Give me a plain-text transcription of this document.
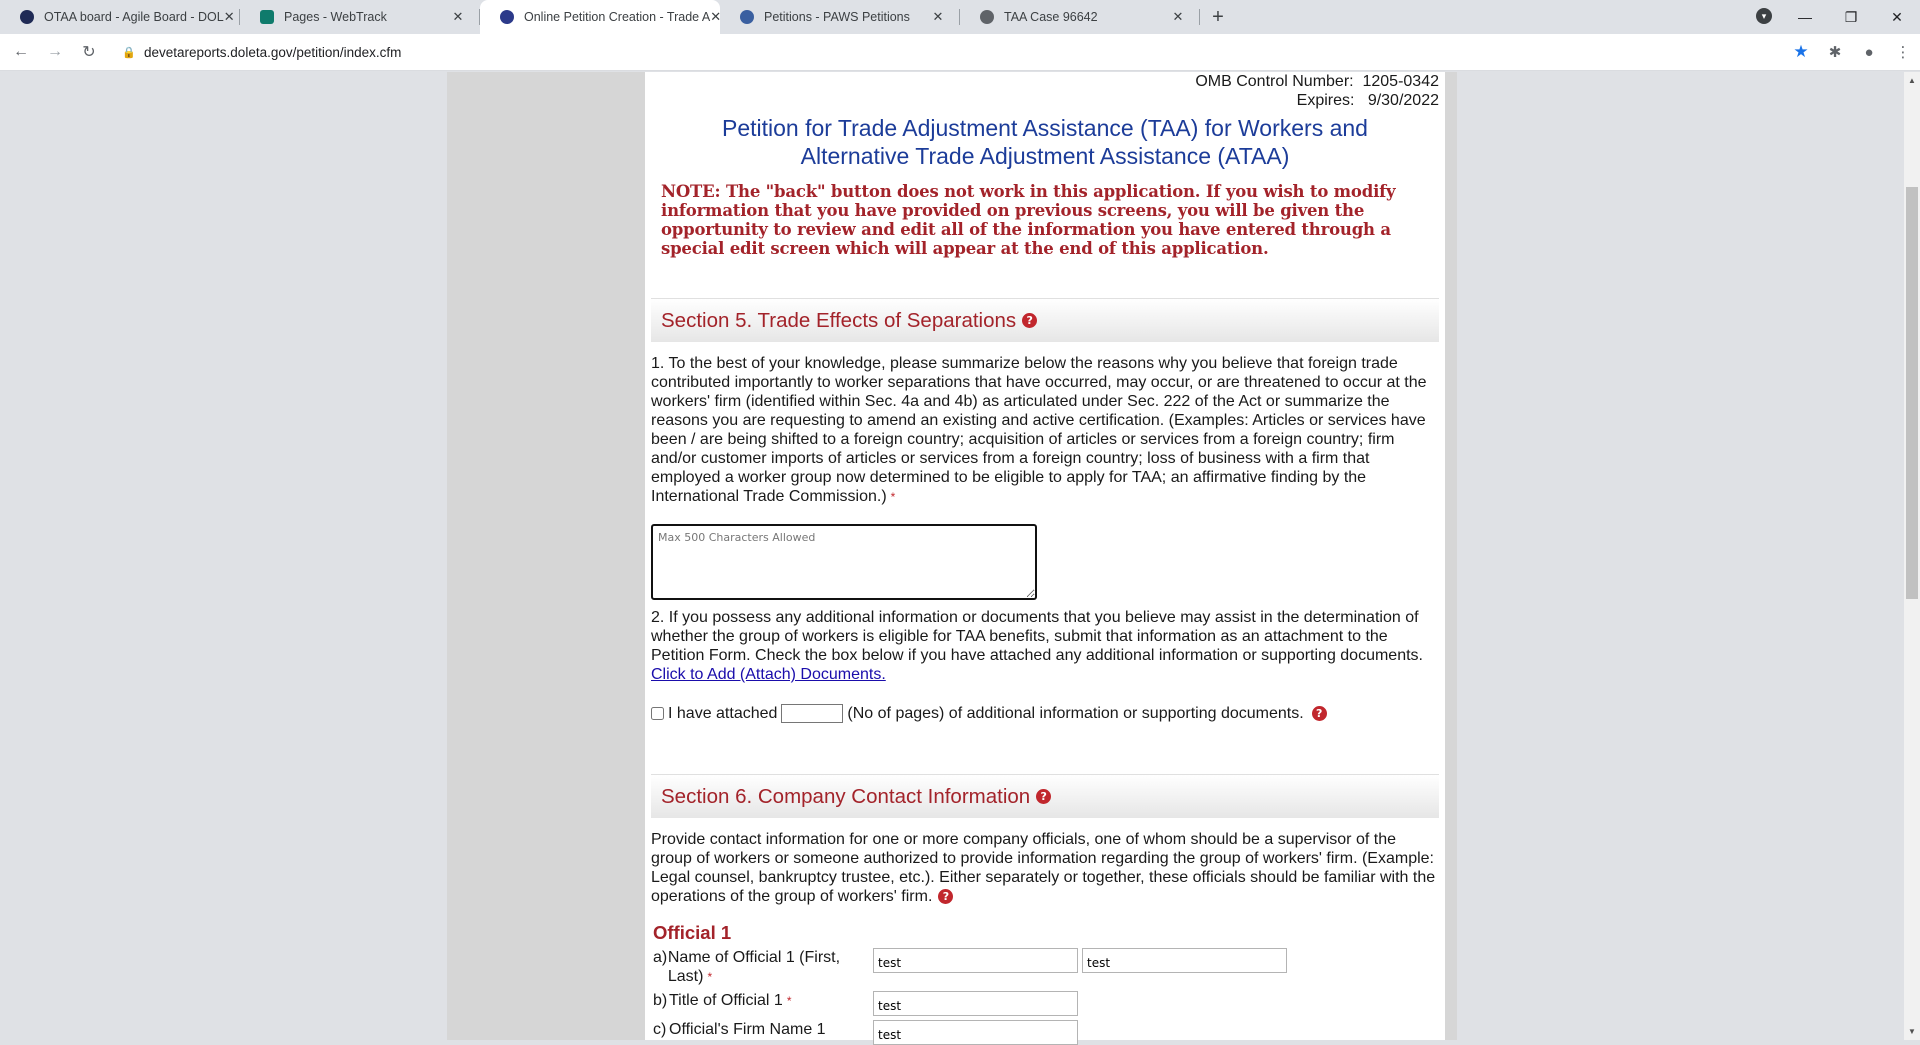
OTAA board - Agile Board - DOL ✕	Pages - WebTrack	✕	Online Petition Creation - Trade A ✕	Petitions - PAWS Petitions	✕	TAA Case 96642	✕	+	▾	—	❐	✕
←	→	↻	🔒 devetareports.doleta.gov/petition/index.cfm	★	✱	●	⋮
OMB Control Number: 1205-0342
Expires: 9/30/2022
Petition for Trade Adjustment Assistance (TAA) for Workers and
Alternative Trade Adjustment Assistance (ATAA)
NOTE: The "back" button does not work in this application. If you wish to modify information that you have provided on previous screens, you will be given the opportunity to review and edit all of the information you have entered through a special edit screen which will appear at the end of this application.
Section 5. Trade Effects of Separations ?
1. To the best of your knowledge, please summarize below the reasons why you believe that foreign trade contributed importantly to worker separations that have occurred, may occur, or are threatened to occur at the workers' firm (identified within Sec. 4a and 4b) as articulated under Sec. 222 of the Act or summarize the reasons you are requesting to amend an existing and active certification. (Examples: Articles or services have been / are being shifted to a foreign country; acquisition of articles or services from a foreign country; firm and/or customer imports of articles or services from a foreign country; loss of business with a firm that employed a worker group now determined to be eligible to apply for TAA; an affirmative finding by the International Trade Commission.) *
Max 500 Characters Allowed
2. If you possess any additional information or documents that you believe may assist in the determination of whether the group of workers is eligible for TAA benefits, submit that information as an attachment to the Petition Form. Check the box below if you have attached any additional information or supporting documents.
Click to Add (Attach) Documents.
I have attached	(No of pages) of additional information or supporting documents.	?
Section 6. Company Contact Information ?
Provide contact information for one or more company officials, one of whom should be a supervisor of the group of workers or someone authorized to provide information regarding the group of workers' firm. (Example: Legal counsel, bankruptcy trustee, etc.). Either separately or together, these officials should be familiar with the operations of the group of workers' firm. ?
Official 1
a) Name of Official 1 (First, Last) *
test
test
b) Title of Official 1 *
test
c) Official's Firm Name 1
test
▲
▼
